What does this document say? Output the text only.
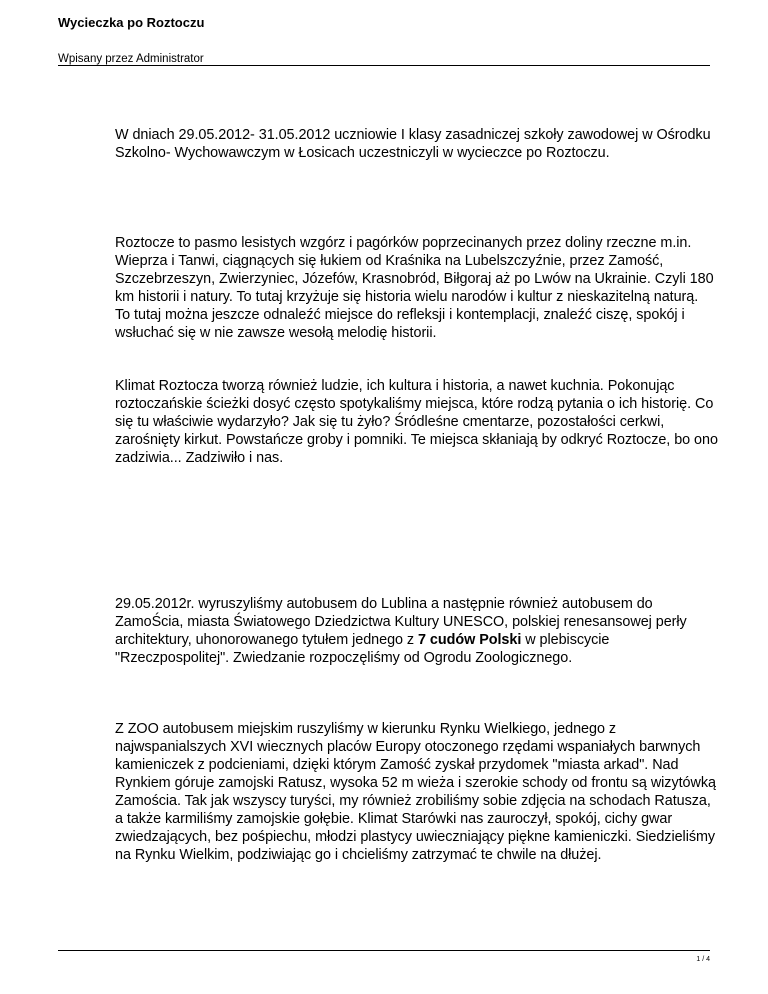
Wycieczka po Roztoczu
Wpisany przez Administrator

W dniach 29.05.2012- 31.05.2012 uczniowie I klasy zasadniczej szkoły zawodowej w Ośrodku
Szkolno- Wychowawczym w Łosicach uczestniczyli w wycieczce po Roztoczu.

Roztocze to pasmo lesistych wzgórz i pagórków poprzecinanych przez doliny rzeczne m.in.
Wieprza i Tanwi, ciągnących się łukiem od Kraśnika na Lubelszczyźnie, przez Zamość,
Szczebrzeszyn, Zwierzyniec, Józefów, Krasnobród, Biłgoraj aż po Lwów na Ukrainie. Czyli 180
km historii i natury. To tutaj krzyżuje się historia wielu narodów i kultur z nieskazitelną naturą.
To tutaj można jeszcze odnaleźć miejsce do refleksji i kontemplacji, znaleźć ciszę, spokój i
wsłuchać się w nie zawsze wesołą melodię historii.

Klimat Roztocza tworzą również ludzie, ich kultura i historia, a nawet kuchnia. Pokonując
roztoczańskie ścieżki dosyć często spotykaliśmy miejsca, które rodzą pytania o ich historię. Co
się tu właściwie wydarzyło? Jak się tu żyło? Śródleśne cmentarze, pozostałości cerkwi,
zarośnięty kirkut. Powstańcze groby i pomniki. Te miejsca skłaniają by odkryć Roztocze, bo ono
zadziwia... Zadziwiło i nas.

29.05.2012r. wyruszyliśmy autobusem do Lublina a następnie również autobusem do
ZamoŚcia, miasta Światowego Dziedzictwa Kultury UNESCO, polskiej renesansowej perły
architektury, uhonorowanego tytułem jednego z 7 cudów Polski w plebiscycie
"Rzeczpospolitej". Zwiedzanie rozpoczęliśmy od Ogrodu Zoologicznego.

Z ZOO autobusem miejskim ruszyliśmy w kierunku Rynku Wielkiego, jednego z
najwspanialszych XVI wiecznych placów Europy otoczonego rzędami wspaniałych barwnych
kamieniczek z podcieniami, dzięki którym Zamość zyskał przydomek "miasta arkad". Nad
Rynkiem góruje zamojski Ratusz, wysoka 52 m wieża i szerokie schody od frontu są wizytówką
Zamościa. Tak jak wszyscy turyści, my również zrobiliśmy sobie zdjęcia na schodach Ratusza,
a także karmiliśmy zamojskie gołębie. Klimat Starówki nas zauroczył, spokój, cichy gwar
zwiedzających, bez pośpiechu, młodzi plastycy uwieczniający piękne kamieniczki. Siedzieliśmy
na Rynku Wielkim, podziwiając go i chcieliśmy zatrzymać te chwile na dłużej.

1 / 4
